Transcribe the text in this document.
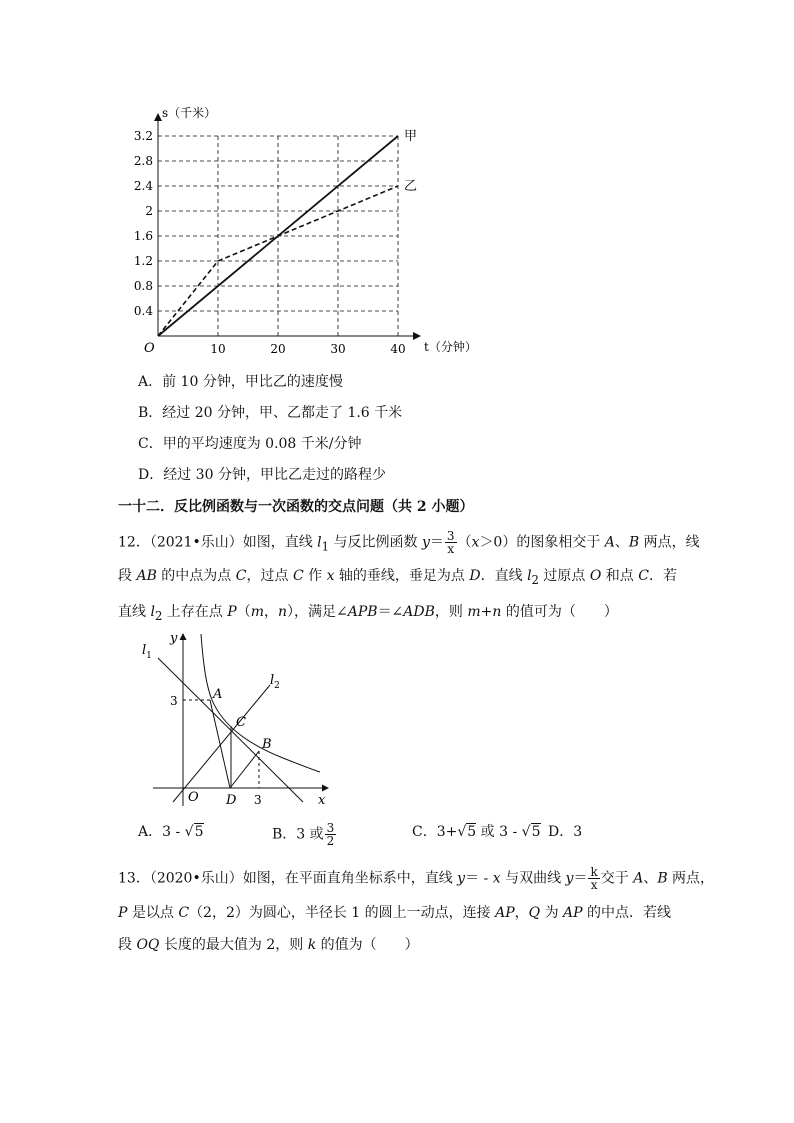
10	20	30	40
0.4
0.8
1.2
1.6
2
2.4
2.8
3.2	甲
乙
s（千米）
t（分钟）
O
A．前 10 分钟，甲比乙的速度慢
B．经过 20 分钟，甲、乙都走了 1.6 千米
C．甲的平均速度为 0.08 千米/分钟
D．经过 30 分钟，甲比乙走过的路程少
一十二．反比例函数与一次函数的交点问题（共 2 小题）
12．（2021•乐山）如图，直线 $l_1$ 与反比例函数 $y= \frac{3}{x} (x>0)$的图象相交于 A、B 两点，线
段 AB 的中点为点 C，过点 C 作 x 轴的垂线，垂足为点 D．直线 $l_2$ 过原点 O 和点 C．若
直线 $l_2$ 上存在点 P（m，n），满足∠APB＝∠ADB，则 m+n 的值可为（　　）
$l_1$
$l_2$
y
x
O D
A
B
C
3
3
A．3 - √5	B．3 或 $\frac{3}{2}$	C．3+√5 或 3 - √5 D．3
13．（2020•乐山）如图，在平面直角坐标系中，直线 y＝ - x 与双曲线 $y= \frac{k}{x}$ 交于 A、B 两点，
P 是以点 C（2，2）为圆心，半径长 1 的圆上一动点，连接 AP，Q 为 AP 的中点．若线
段 OQ 长度的最大值为 2，则 k 的值为（　　）
